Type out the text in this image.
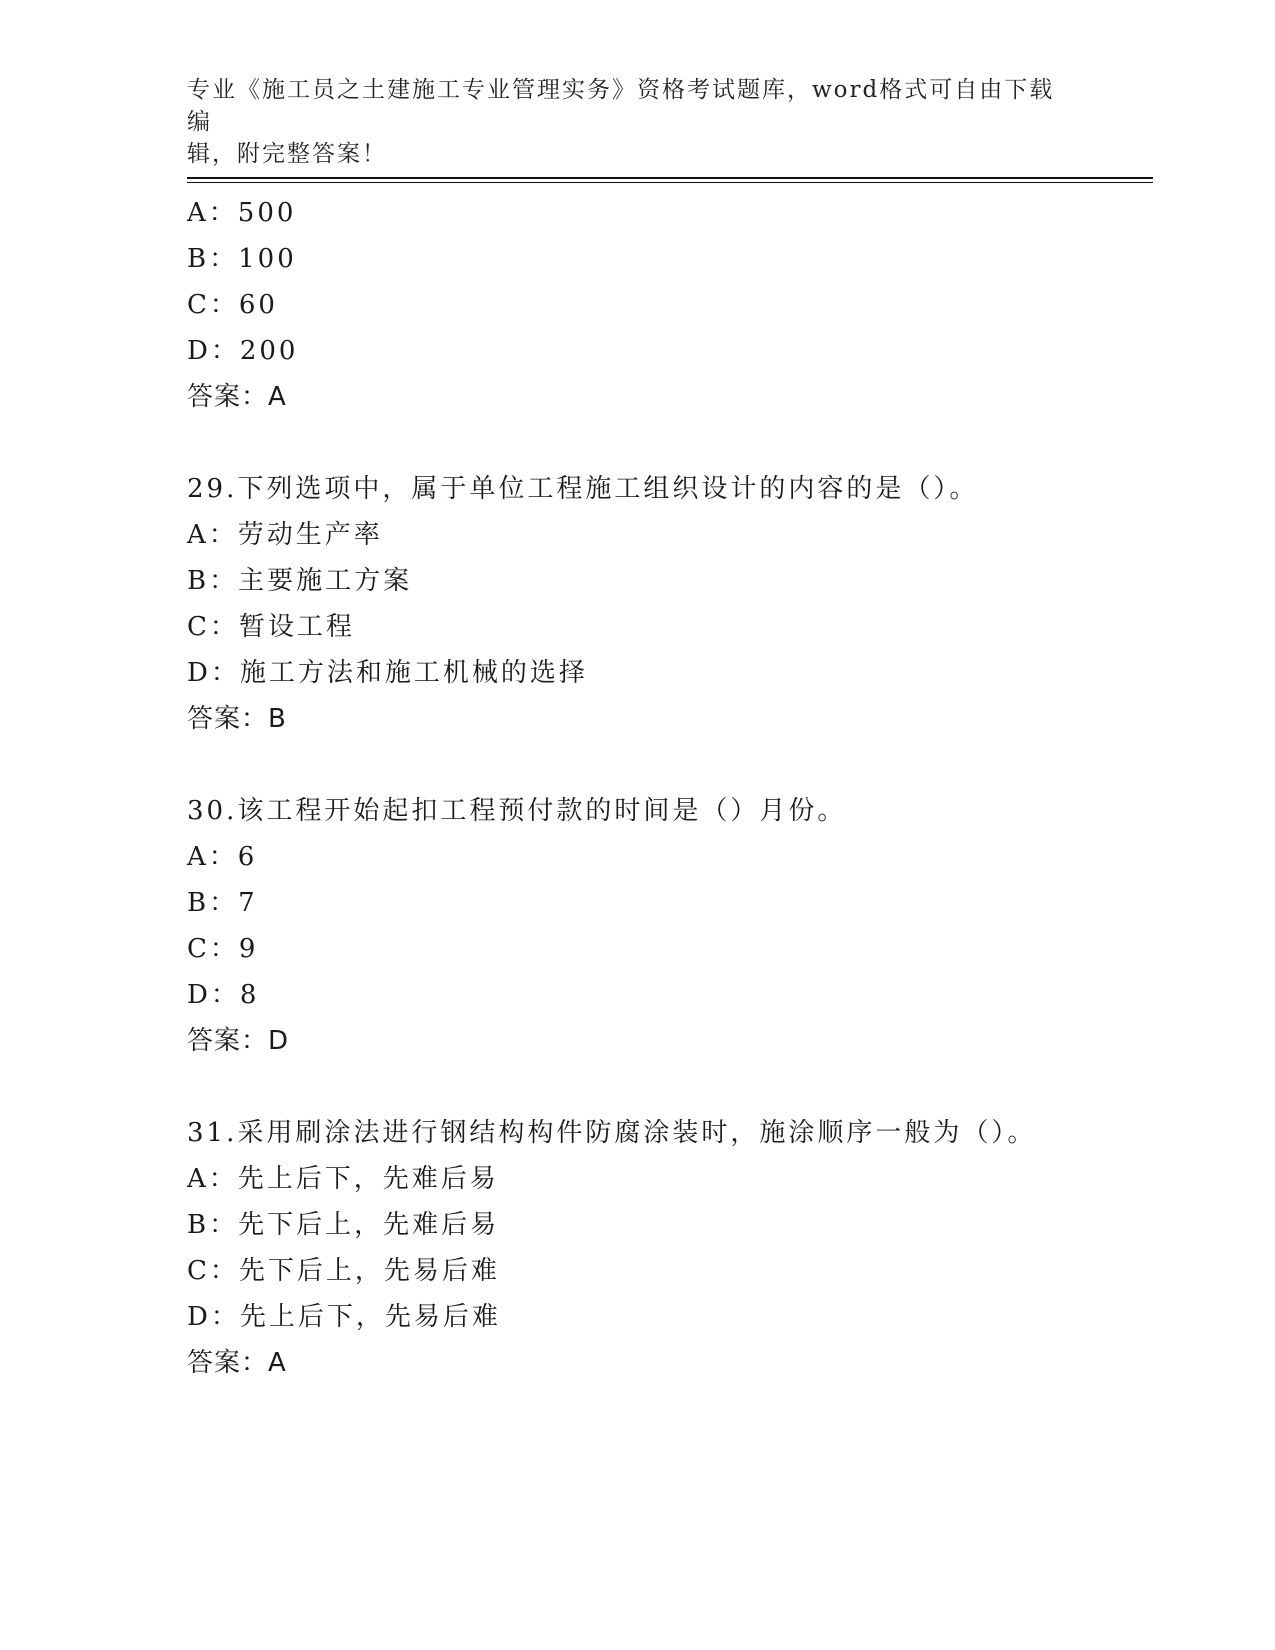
专业《施工员之土建施工专业管理实务》资格考试题库，word格式可自由下载编
辑，附完整答案！
A：500
B：100
C：60
D：200
答案：A
29.下列选项中，属于单位工程施工组织设计的内容的是（）。
A：劳动生产率
B：主要施工方案
C：暂设工程
D：施工方法和施工机械的选择
答案：B
30.该工程开始起扣工程预付款的时间是（）月份。
A：6
B：7
C：9
D：8
答案：D
31.采用刷涂法进行钢结构构件防腐涂装时，施涂顺序一般为（）。
A：先上后下，先难后易
B：先下后上，先难后易
C：先下后上，先易后难
D：先上后下，先易后难
答案：A
